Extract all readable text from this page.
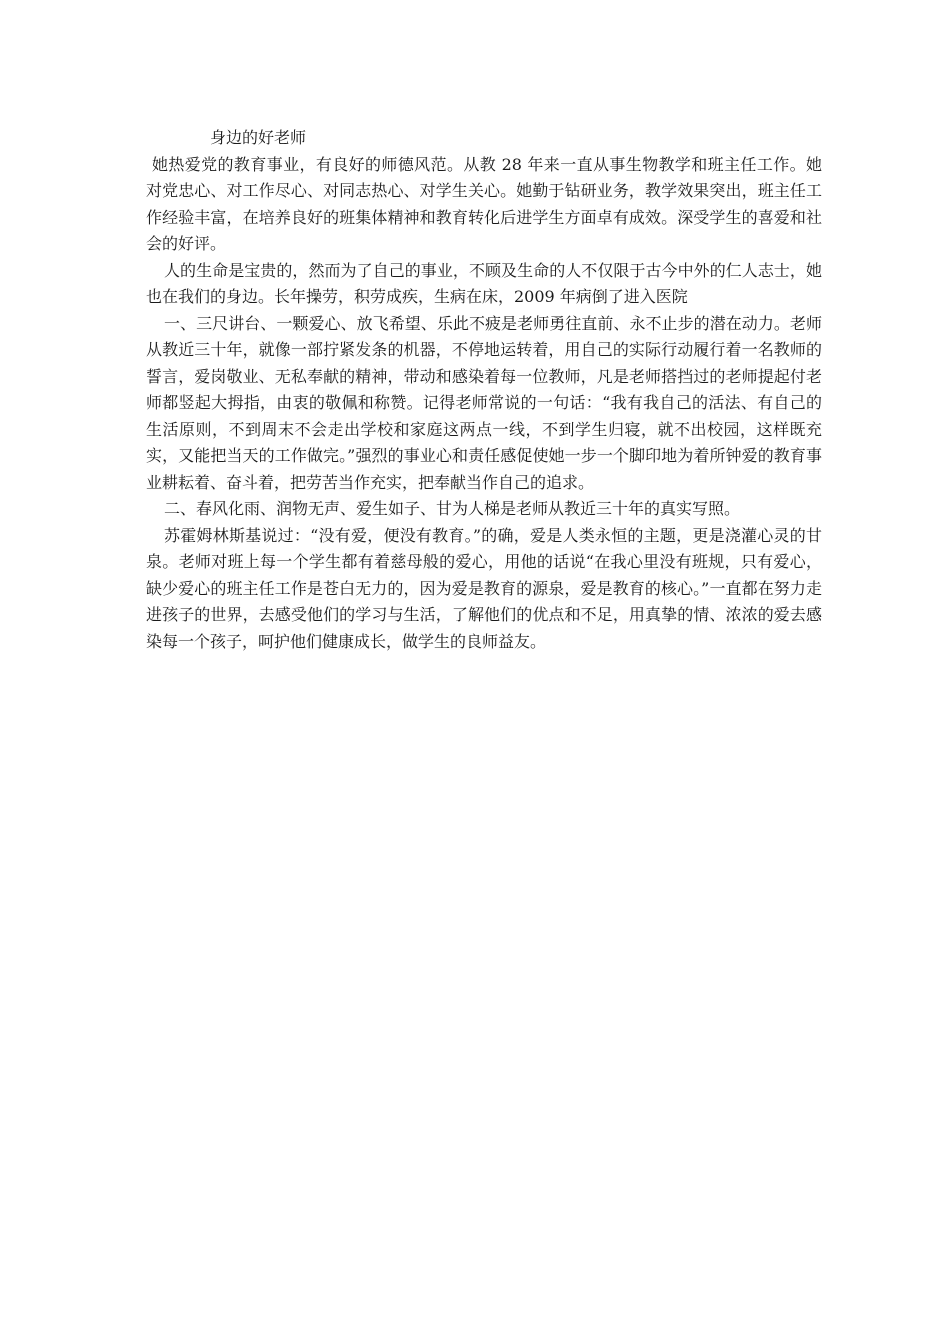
身边的好老师

她热爱党的教育事业，有良好的师德风范。从教 28 年来一直从事生物教学和班主任工作。她对党忠心、对工作尽心、对同志热心、对学生关心。她勤于钻研业务，教学效果突出，班主任工作经验丰富，在培养良好的班集体精神和教育转化后进学生方面卓有成效。深受学生的喜爱和社会的好评。

人的生命是宝贵的，然而为了自己的事业，不顾及生命的人不仅限于古今中外的仁人志士，她也在我们的身边。长年操劳，积劳成疾，生病在床，2009 年病倒了进入医院

一、三尺讲台、一颗爱心、放飞希望、乐此不疲是老师勇往直前、永不止步的潜在动力。老师从教近三十年，就像一部拧紧发条的机器，不停地运转着，用自己的实际行动履行着一名教师的誓言，爱岗敬业、无私奉献的精神，带动和感染着每一位教师，凡是老师搭挡过的老师提起付老师都竖起大拇指，由衷的敬佩和称赞。记得老师常说的一句话：“我有我自己的活法、有自己的生活原则，不到周末不会走出学校和家庭这两点一线，不到学生归寝，就不出校园，这样既充实，又能把当天的工作做完。”强烈的事业心和责任感促使她一步一个脚印地为着所钟爱的教育事业耕耘着、奋斗着，把劳苦当作充实，把奉献当作自己的追求。

二、春风化雨、润物无声、爱生如子、甘为人梯是老师从教近三十年的真实写照。

苏霍姆林斯基说过：“没有爱，便没有教育。”的确，爱是人类永恒的主题，更是浇灌心灵的甘泉。老师对班上每一个学生都有着慈母般的爱心，用他的话说“在我心里没有班规，只有爱心，缺少爱心的班主任工作是苍白无力的，因为爱是教育的源泉，爱是教育的核心。”一直都在努力走进孩子的世界，去感受他们的学习与生活，了解他们的优点和不足，用真挚的情、浓浓的爱去感染每一个孩子，呵护他们健康成长，做学生的良师益友。
